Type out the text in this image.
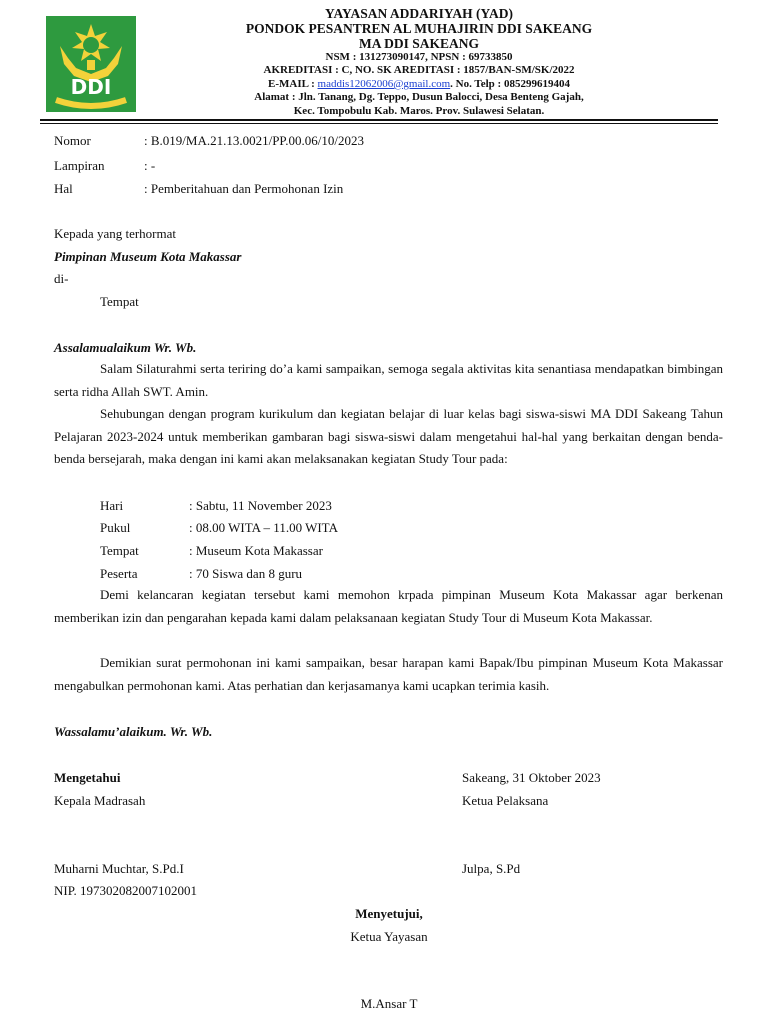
DDI
YAYASAN ADDARIYAH (YAD)
PONDOK PESANTREN AL MUHAJIRIN DDI SAKEANG
MA DDI SAKEANG
NSM : 131273090147, NPSN : 69733850
AKREDITASI : C, NO. SK AREDITASI : 1857/BAN-SM/SK/2022
E-MAIL : maddis12062006@gmail.com. No. Telp : 085299619404
Alamat : Jln. Tanang, Dg. Teppo, Dusun Balocci, Desa Benteng Gajah,
Kec. Tompobulu Kab. Maros. Prov. Sulawesi Selatan.
Nomor	: B.019/MA.21.13.0021/PP.00.06/10/2023
Lampiran	: -
Hal	: Pemberitahuan dan Permohonan Izin
Kepada yang terhormat
Pimpinan Museum Kota Makassar
di-
Tempat
Assalamualaikum Wr. Wb.
Salam Silaturahmi serta teriring do’a kami sampaikan, semoga segala aktivitas kita senantiasa mendapatkan bimbingan serta ridha Allah SWT. Amin.
Sehubungan dengan program kurikulum dan kegiatan belajar di luar kelas bagi siswa-siswi MA DDI Sakeang Tahun Pelajaran 2023-2024 untuk memberikan gambaran bagi siswa-siswi dalam mengetahui hal-hal yang berkaitan dengan benda-benda bersejarah, maka dengan ini kami akan melaksanakan kegiatan Study Tour pada:
Hari	: Sabtu, 11 November 2023
Pukul	: 08.00 WITA – 11.00 WITA
Tempat	: Museum Kota Makassar
Peserta	: 70 Siswa dan 8 guru
Demi kelancaran kegiatan tersebut kami memohon krpada pimpinan Museum Kota Makassar agar berkenan memberikan izin dan pengarahan kepada kami dalam pelaksanaan kegiatan Study Tour di Museum Kota Makassar.
Demikian surat permohonan ini kami sampaikan, besar harapan kami Bapak/Ibu pimpinan Museum Kota Makassar mengabulkan permohonan kami. Atas perhatian dan kerjasamanya kami ucapkan terimia kasih.
Wassalamu’alaikum. Wr. Wb.
Mengetahui
Kepala Madrasah
Muharni Muchtar, S.Pd.I
NIP. 197302082007102001
Sakeang, 31 Oktober 2023
Ketua Pelaksana
Julpa, S.Pd
Menyetujui,
Ketua Yayasan
M.Ansar T
